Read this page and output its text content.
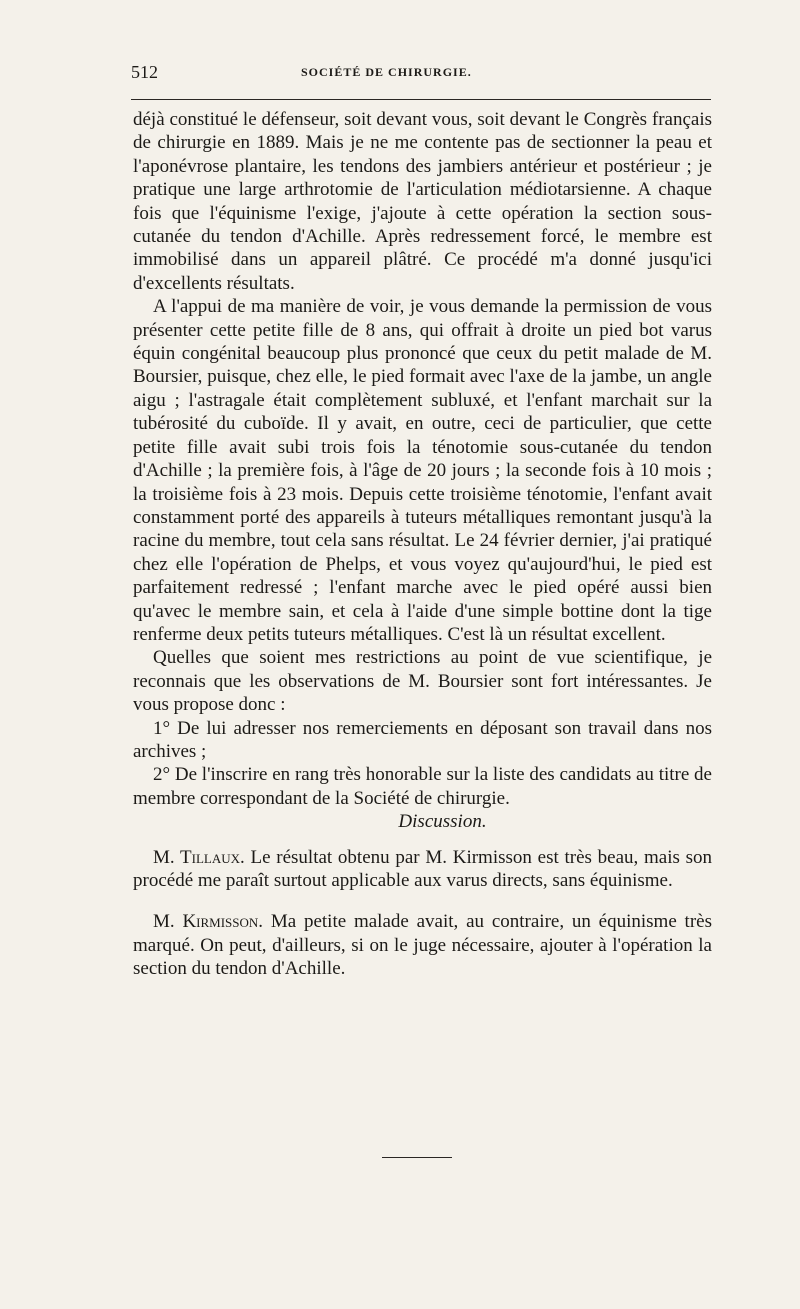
512	SOCIÉTÉ DE CHIRURGIE.

déjà constitué le défenseur, soit devant vous, soit devant le Congrès français de chirurgie en 1889. Mais je ne me contente pas de sectionner la peau et l'aponévrose plantaire, les tendons des jambiers antérieur et postérieur ; je pratique une large arthrotomie de l'articulation médiotarsienne. A chaque fois que l'équinisme l'exige, j'ajoute à cette opération la section sous-cutanée du tendon d'Achille. Après redressement forcé, le membre est immobilisé dans un appareil plâtré. Ce procédé m'a donné jusqu'ici d'excellents résultats.

A l'appui de ma manière de voir, je vous demande la permission de vous présenter cette petite fille de 8 ans, qui offrait à droite un pied bot varus équin congénital beaucoup plus prononcé que ceux du petit malade de M. Boursier, puisque, chez elle, le pied formait avec l'axe de la jambe, un angle aigu ; l'astragale était complètement subluxé, et l'enfant marchait sur la tubérosité du cuboïde. Il y avait, en outre, ceci de particulier, que cette petite fille avait subi trois fois la ténotomie sous-cutanée du tendon d'Achille ; la première fois, à l'âge de 20 jours ; la seconde fois à 10 mois ; la troisième fois à 23 mois. Depuis cette troisième ténotomie, l'enfant avait constamment porté des appareils à tuteurs métalliques remontant jusqu'à la racine du membre, tout cela sans résultat. Le 24 février dernier, j'ai pratiqué chez elle l'opération de Phelps, et vous voyez qu'aujourd'hui, le pied est parfaitement redressé ; l'enfant marche avec le pied opéré aussi bien qu'avec le membre sain, et cela à l'aide d'une simple bottine dont la tige renferme deux petits tuteurs métalliques. C'est là un résultat excellent.

Quelles que soient mes restrictions au point de vue scientifique, je reconnais que les observations de M. Boursier sont fort intéressantes. Je vous propose donc :

1° De lui adresser nos remerciements en déposant son travail dans nos archives ;

2° De l'inscrire en rang très honorable sur la liste des candidats au titre de membre correspondant de la Société de chirurgie.

Discussion.

M. Tillaux. Le résultat obtenu par M. Kirmisson est très beau, mais son procédé me paraît surtout applicable aux varus directs, sans équinisme.

M. Kirmisson. Ma petite malade avait, au contraire, un équinisme très marqué. On peut, d'ailleurs, si on le juge nécessaire, ajouter à l'opération la section du tendon d'Achille.
